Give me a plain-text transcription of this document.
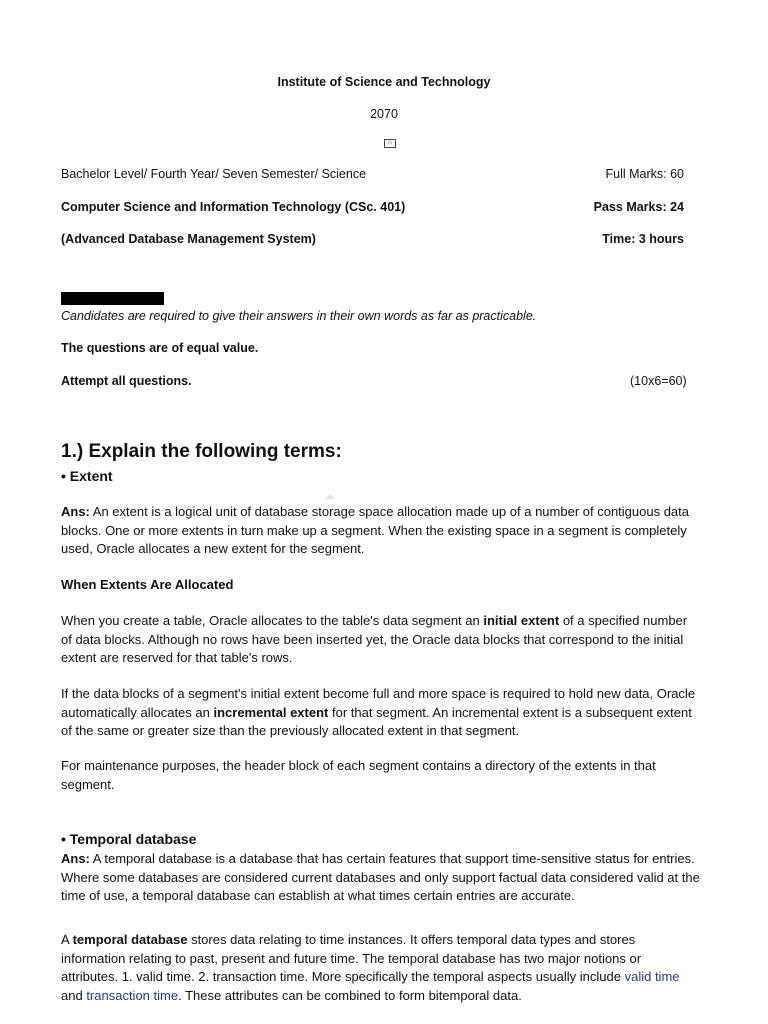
Institute of Science and Technology
2070
▭
Bachelor Level/ Fourth Year/ Seven Semester/ Science	Full Marks: 60
Computer Science and Information Technology (CSc. 401)	Pass Marks: 24
(Advanced Database Management System)	Time: 3 hours
Candidates are required to give their answers in their own words as far as practicable.
The questions are of equal value.
Attempt all questions.	(10x6=60)
1.) Explain the following terms:
• Extent
Ans: An extent is a logical unit of database storage space allocation made up of a number of contiguous data blocks. One or more extents in turn make up a segment. When the existing space in a segment is completely used, Oracle allocates a new extent for the segment.
When Extents Are Allocated
When you create a table, Oracle allocates to the table's data segment an initial extent of a specified number of data blocks. Although no rows have been inserted yet, the Oracle data blocks that correspond to the initial extent are reserved for that table's rows.
If the data blocks of a segment's initial extent become full and more space is required to hold new data, Oracle automatically allocates an incremental extent for that segment. An incremental extent is a subsequent extent of the same or greater size than the previously allocated extent in that segment.
For maintenance purposes, the header block of each segment contains a directory of the extents in that segment.
• Temporal database
Ans: A temporal database is a database that has certain features that support time-sensitive status for entries. Where some databases are considered current databases and only support factual data considered valid at the time of use, a temporal database can establish at what times certain entries are accurate.
A temporal database stores data relating to time instances. It offers temporal data types and stores information relating to past, present and future time. The temporal database has two major notions or attributes. 1. valid time. 2. transaction time. More specifically the temporal aspects usually include valid time and transaction time. These attributes can be combined to form bitemporal data.
